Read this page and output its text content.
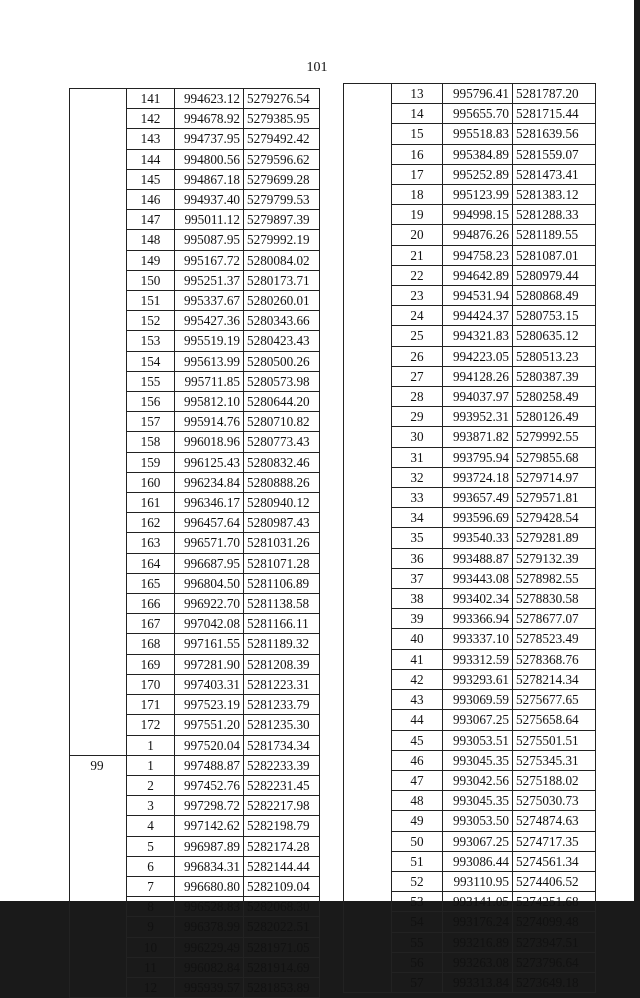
101
	141	994623.12	5279276.54
	142	994678.92	5279385.95
	143	994737.95	5279492.42
	144	994800.56	5279596.62
	145	994867.18	5279699.28
	146	994937.40	5279799.53
	147	995011.12	5279897.39
	148	995087.95	5279992.19
	149	995167.72	5280084.02
	150	995251.37	5280173.71
	151	995337.67	5280260.01
	152	995427.36	5280343.66
	153	995519.19	5280423.43
	154	995613.99	5280500.26
	155	995711.85	5280573.98
	156	995812.10	5280644.20
	157	995914.76	5280710.82
	158	996018.96	5280773.43
	159	996125.43	5280832.46
	160	996234.84	5280888.26
	161	996346.17	5280940.12
	162	996457.64	5280987.43
	163	996571.70	5281031.26
	164	996687.95	5281071.28
	165	996804.50	5281106.89
	166	996922.70	5281138.58
	167	997042.08	5281166.11
	168	997161.55	5281189.32
	169	997281.90	5281208.39
	170	997403.31	5281223.31
	171	997523.19	5281233.79
	172	997551.20	5281235.30
	1	997520.04	5281734.34
99	1	997488.87	5282233.39
	2	997452.76	5282231.45
	3	997298.72	5282217.98
	4	997142.62	5282198.79
	5	996987.89	5282174.28
	6	996834.31	5282144.44
	7	996680.80	5282109.04
	8	996528.83	5282068.30
	9	996378.99	5282022.51
	10	996229.49	5281971.05
	11	996082.84	5281914.69
	12	995939.57	5281853.89
	13	995796.41	5281787.20
	14	995655.70	5281715.44
	15	995518.83	5281639.56
	16	995384.89	5281559.07
	17	995252.89	5281473.41
	18	995123.99	5281383.12
	19	994998.15	5281288.33
	20	994876.26	5281189.55
	21	994758.23	5281087.01
	22	994642.89	5280979.44
	23	994531.94	5280868.49
	24	994424.37	5280753.15
	25	994321.83	5280635.12
	26	994223.05	5280513.23
	27	994128.26	5280387.39
	28	994037.97	5280258.49
	29	993952.31	5280126.49
	30	993871.82	5279992.55
	31	993795.94	5279855.68
	32	993724.18	5279714.97
	33	993657.49	5279571.81
	34	993596.69	5279428.54
	35	993540.33	5279281.89
	36	993488.87	5279132.39
	37	993443.08	5278982.55
	38	993402.34	5278830.58
	39	993366.94	5278677.07
	40	993337.10	5278523.49
	41	993312.59	5278368.76
	42	993293.61	5278214.34
	43	993069.59	5275677.65
	44	993067.25	5275658.64
	45	993053.51	5275501.51
	46	993045.35	5275345.31
	47	993042.56	5275188.02
	48	993045.35	5275030.73
	49	993053.50	5274874.63
	50	993067.25	5274717.35
	51	993086.44	5274561.34
	52	993110.95	5274406.52
	53	993141.05	5274251.68
	54	993176.24	5274099.48
	55	993216.89	5273947.51
	56	993263.08	5273796.64
	57	993313.84	5273649.18
